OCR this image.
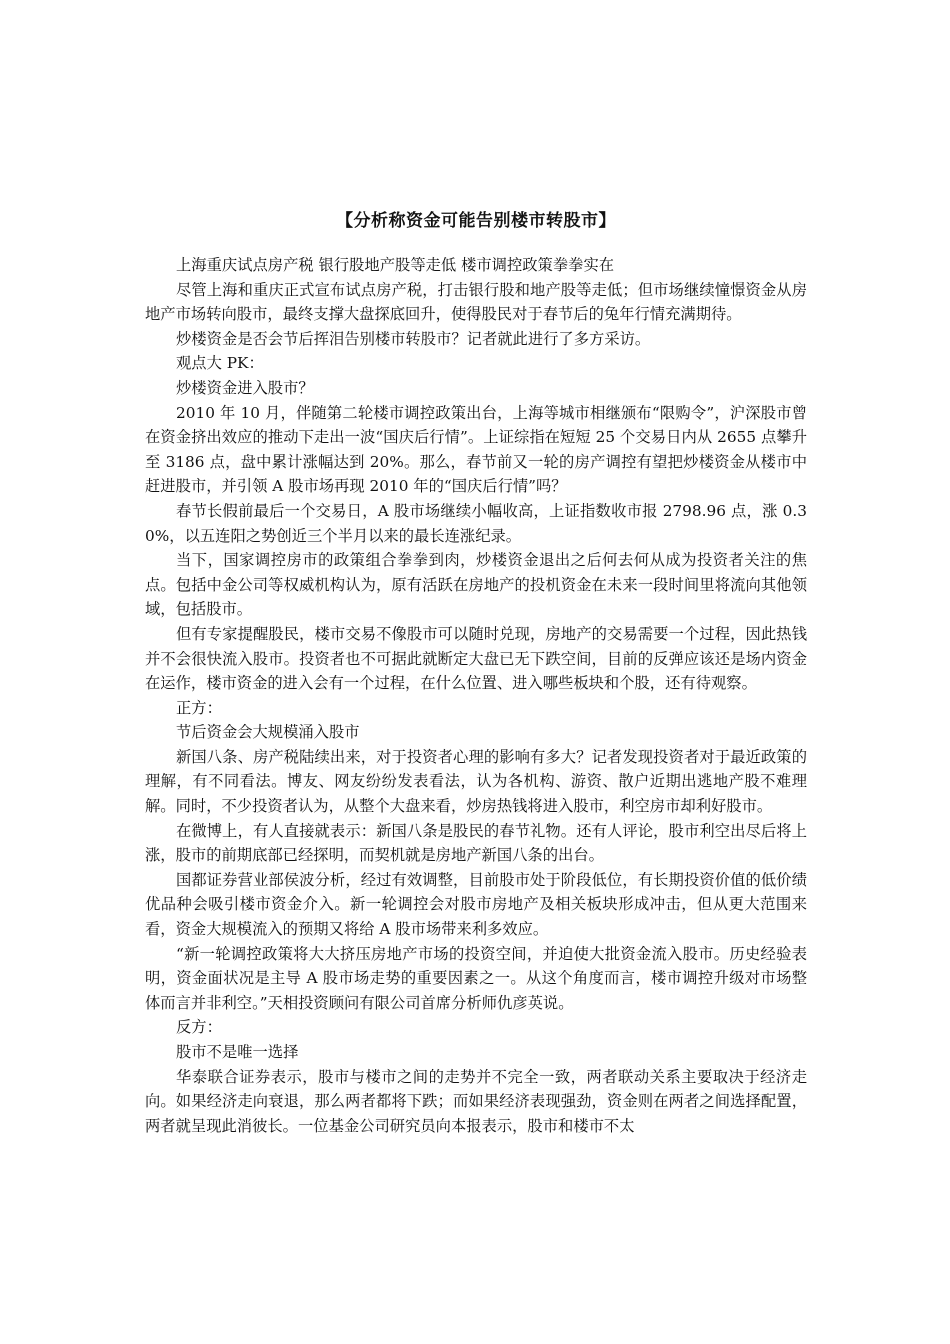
【分析称资金可能告别楼市转股市】

上海重庆试点房产税 银行股地产股等走低 楼市调控政策拳拳实在

尽管上海和重庆正式宣布试点房产税，打击银行股和地产股等走低；但市场继续憧憬资金从房地产市场转向股市，最终支撑大盘探底回升，使得股民对于春节后的兔年行情充满期待。

炒楼资金是否会节后挥泪告别楼市转股市？记者就此进行了多方采访。

观点大 PK：

炒楼资金进入股市？

2010 年 10 月，伴随第二轮楼市调控政策出台，上海等城市相继颁布“限购令”，沪深股市曾在资金挤出效应的推动下走出一波“国庆后行情”。上证综指在短短 25 个交易日内从 2655 点攀升至 3186 点，盘中累计涨幅达到 20%。那么，春节前又一轮的房产调控有望把炒楼资金从楼市中赶进股市，并引领 A 股市场再现 2010 年的“国庆后行情”吗？

春节长假前最后一个交易日，A 股市场继续小幅收高，上证指数收市报 2798.96 点，涨 0.30%，以五连阳之势创近三个半月以来的最长连涨纪录。

当下，国家调控房市的政策组合拳拳到肉，炒楼资金退出之后何去何从成为投资者关注的焦点。包括中金公司等权威机构认为，原有活跃在房地产的投机资金在未来一段时间里将流向其他领域，包括股市。

但有专家提醒股民，楼市交易不像股市可以随时兑现，房地产的交易需要一个过程，因此热钱并不会很快流入股市。投资者也不可据此就断定大盘已无下跌空间，目前的反弹应该还是场内资金在运作，楼市资金的进入会有一个过程，在什么位置、进入哪些板块和个股，还有待观察。

正方：

节后资金会大规模涌入股市

新国八条、房产税陆续出来，对于投资者心理的影响有多大？记者发现投资者对于最近政策的理解，有不同看法。博友、网友纷纷发表看法，认为各机构、游资、散户近期出逃地产股不难理解。同时，不少投资者认为，从整个大盘来看，炒房热钱将进入股市，利空房市却利好股市。

在微博上，有人直接就表示：新国八条是股民的春节礼物。还有人评论，股市利空出尽后将上涨，股市的前期底部已经探明，而契机就是房地产新国八条的出台。

国都证券营业部侯波分析，经过有效调整，目前股市处于阶段低位，有长期投资价值的低价绩优品种会吸引楼市资金介入。新一轮调控会对股市房地产及相关板块形成冲击，但从更大范围来看，资金大规模流入的预期又将给 A 股市场带来利多效应。

“新一轮调控政策将大大挤压房地产市场的投资空间，并迫使大批资金流入股市。历史经验表明，资金面状况是主导 A 股市场走势的重要因素之一。从这个角度而言，楼市调控升级对市场整体而言并非利空。”天相投资顾问有限公司首席分析师仇彦英说。

反方：

股市不是唯一选择

华泰联合证券表示，股市与楼市之间的走势并不完全一致，两者联动关系主要取决于经济走向。如果经济走向衰退，那么两者都将下跌；而如果经济表现强劲，资金则在两者之间选择配置，两者就呈现此消彼长。一位基金公司研究员向本报表示，股市和楼市不太
